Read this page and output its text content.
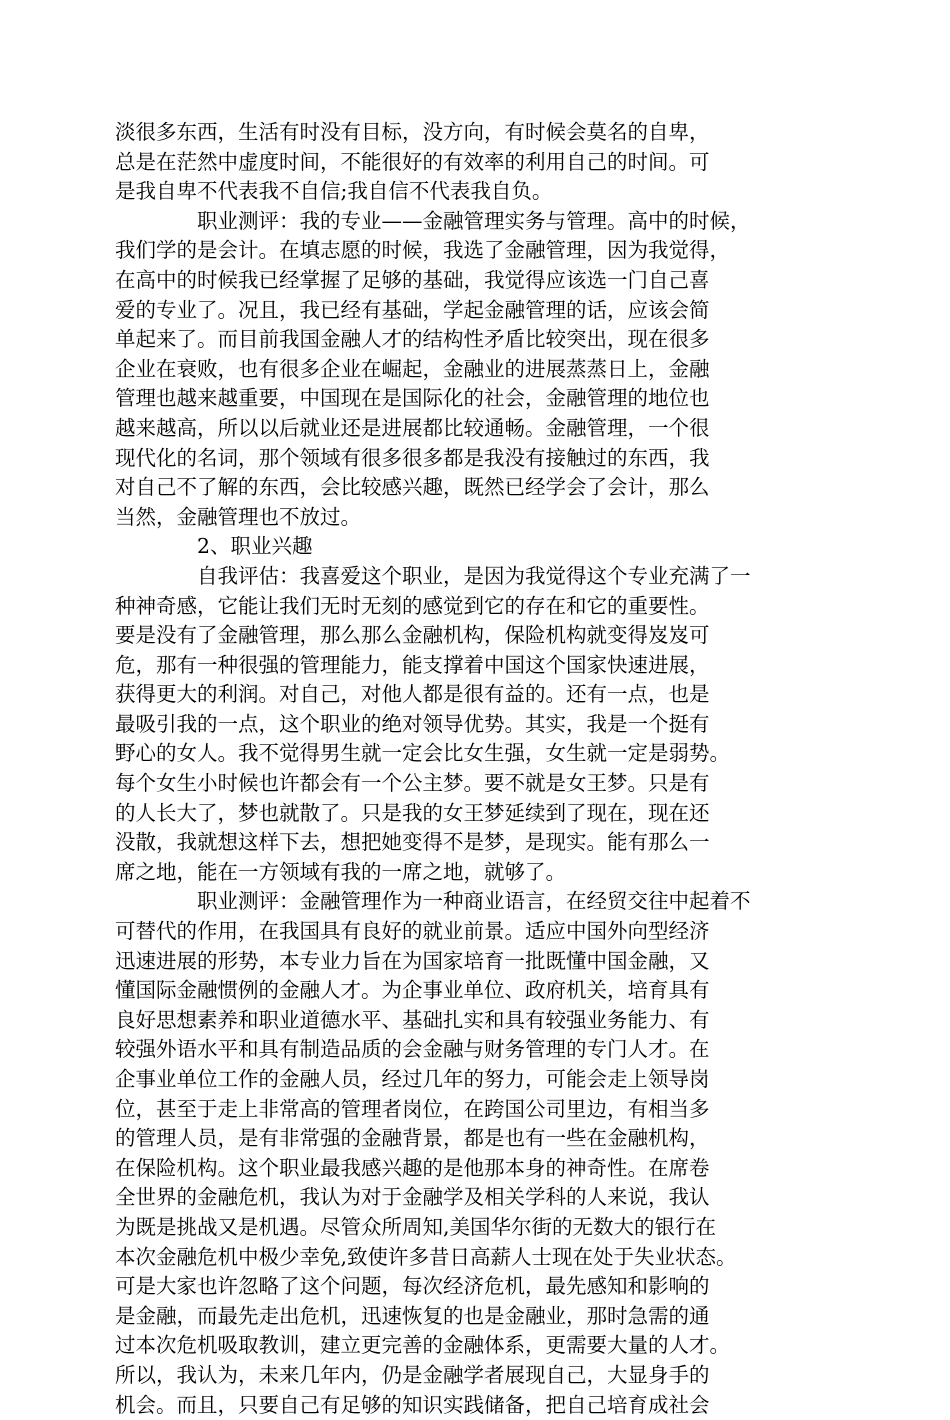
淡很多东西，生活有时没有目标，没方向，有时候会莫名的自卑，
总是在茫然中虚度时间，不能很好的有效率的利用自己的时间。可
是我自卑不代表我不自信;我自信不代表我自负。
职业测评：我的专业——金融管理实务与管理。高中的时候，
我们学的是会计。在填志愿的时候，我选了金融管理，因为我觉得，
在高中的时候我已经掌握了足够的基础，我觉得应该选一门自己喜
爱的专业了。况且，我已经有基础，学起金融管理的话，应该会简
单起来了。而目前我国金融人才的结构性矛盾比较突出，现在很多
企业在衰败，也有很多企业在崛起，金融业的进展蒸蒸日上，金融
管理也越来越重要，中国现在是国际化的社会，金融管理的地位也
越来越高，所以以后就业还是进展都比较通畅。金融管理，一个很
现代化的名词，那个领域有很多很多都是我没有接触过的东西，我
对自己不了解的东西，会比较感兴趣，既然已经学会了会计，那么
当然，金融管理也不放过。
2、职业兴趣
自我评估：我喜爱这个职业，是因为我觉得这个专业充满了一
种神奇感，它能让我们无时无刻的感觉到它的存在和它的重要性。
要是没有了金融管理，那么那么金融机构，保险机构就变得岌岌可
危，那有一种很强的管理能力，能支撑着中国这个国家快速进展，
获得更大的利润。对自己，对他人都是很有益的。还有一点，也是
最吸引我的一点，这个职业的绝对领导优势。其实，我是一个挺有
野心的女人。我不觉得男生就一定会比女生强，女生就一定是弱势。
每个女生小时候也许都会有一个公主梦。要不就是女王梦。只是有
的人长大了，梦也就散了。只是我的女王梦延续到了现在，现在还
没散，我就想这样下去，想把她变得不是梦，是现实。能有那么一
席之地，能在一方领域有我的一席之地，就够了。
职业测评：金融管理作为一种商业语言，在经贸交往中起着不
可替代的作用，在我国具有良好的就业前景。适应中国外向型经济
迅速进展的形势，本专业力旨在为国家培育一批既懂中国金融，又
懂国际金融惯例的金融人才。为企事业单位、政府机关，培育具有
良好思想素养和职业道德水平、基础扎实和具有较强业务能力、有
较强外语水平和具有制造品质的会金融与财务管理的专门人才。在
企事业单位工作的金融人员，经过几年的努力，可能会走上领导岗
位，甚至于走上非常高的管理者岗位，在跨国公司里边，有相当多
的管理人员，是有非常强的金融背景，都是也有一些在金融机构，
在保险机构。这个职业最我感兴趣的是他那本身的神奇性。在席卷
全世界的金融危机，我认为对于金融学及相关学科的人来说，我认
为既是挑战又是机遇。尽管众所周知,美国华尔街的无数大的银行在
本次金融危机中极少幸免,致使许多昔日高薪人士现在处于失业状态。
可是大家也许忽略了这个问题，每次经济危机，最先感知和影响的
是金融，而最先走出危机，迅速恢复的也是金融业，那时急需的通
过本次危机吸取教训，建立更完善的金融体系，更需要大量的人才。
所以，我认为，未来几年内，仍是金融学者展现自己，大显身手的
机会。而且，只要自己有足够的知识实践储备，把自己培育成社会
